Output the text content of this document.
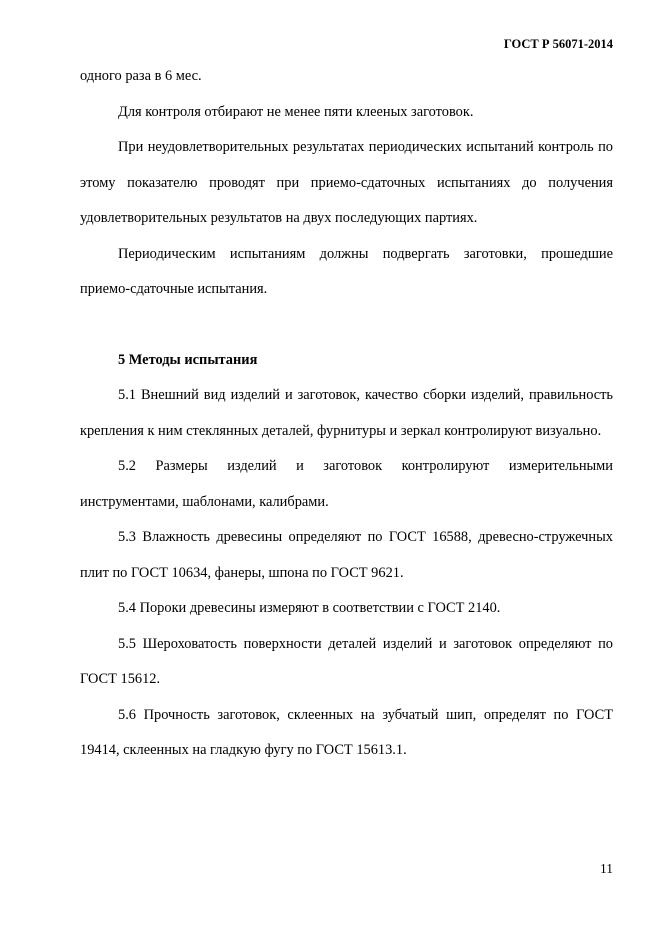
ГОСТ Р 56071-2014

одного раза в 6 мес.

Для контроля отбирают не менее пяти клееных заготовок.

При неудовлетворительных результатах периодических испытаний контроль по этому показателю проводят при приемо-сдаточных испытаниях до получения удовлетворительных результатов на двух последующих партиях.

Периодическим испытаниям должны подвергать заготовки, прошедшие приемо-сдаточные испытания.

5 Методы испытания

5.1 Внешний вид изделий и заготовок, качество сборки изделий, правильность крепления к ним стеклянных деталей, фурнитуры и зеркал контролируют визуально.

5.2 Размеры изделий и заготовок контролируют измерительными инструментами, шаблонами, калибрами.

5.3 Влажность древесины определяют по ГОСТ 16588, древесно-стружечных плит по ГОСТ 10634, фанеры, шпона по ГОСТ 9621.

5.4 Пороки древесины измеряют в соответствии с ГОСТ 2140.

5.5 Шероховатость поверхности деталей изделий и заготовок определяют по ГОСТ 15612.

5.6 Прочность заготовок, склеенных на зубчатый шип, определят по ГОСТ 19414, склеенных на гладкую фугу по ГОСТ 15613.1.

11
